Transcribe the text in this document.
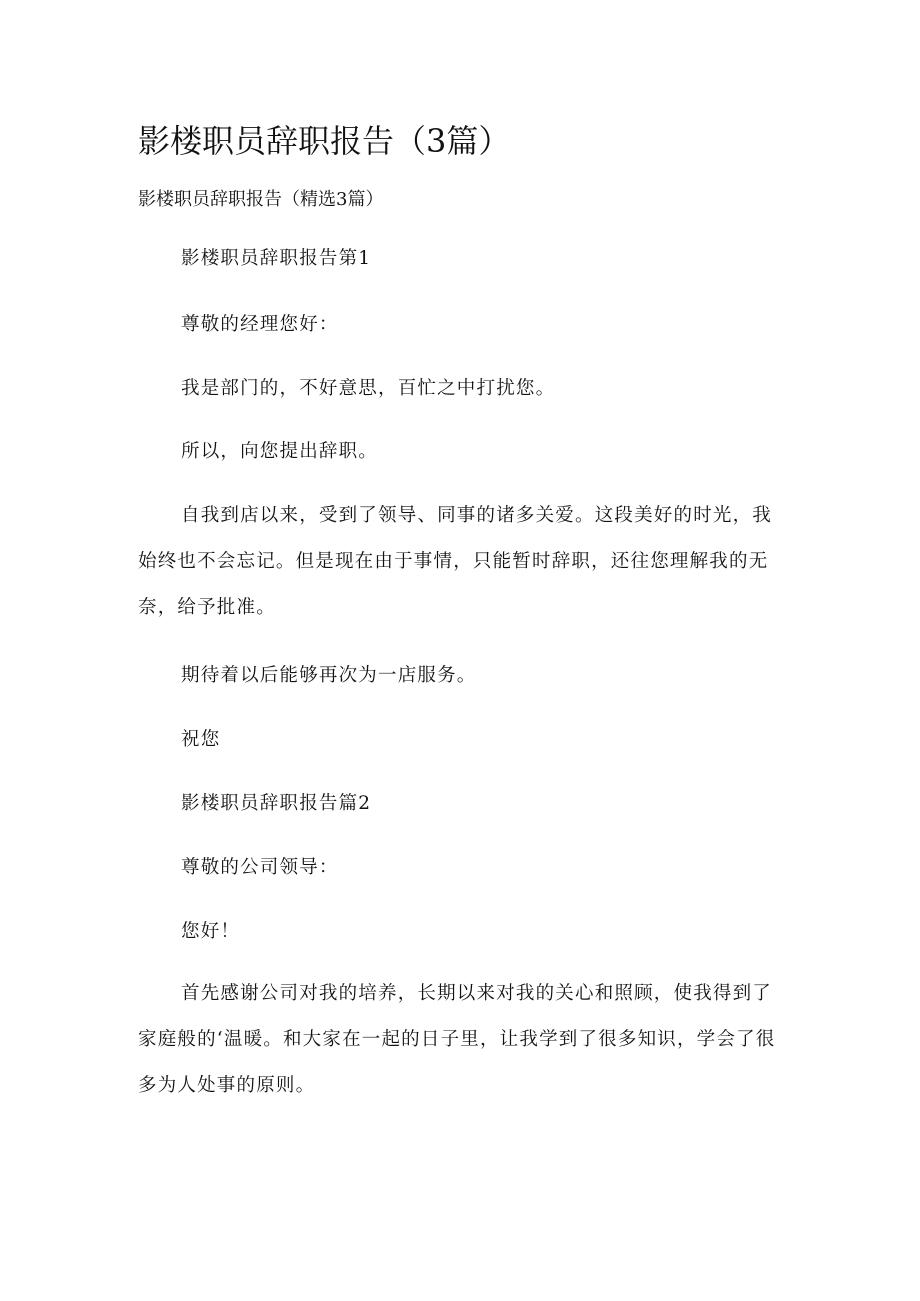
影楼职员辞职报告（3篇）

影楼职员辞职报告（精选3篇）

影楼职员辞职报告第1

尊敬的经理您好：

我是部门的，不好意思，百忙之中打扰您。

所以，向您提出辞职。

自我到店以来，受到了领导、同事的诸多关爱。这段美好的时光，我始终也不会忘记。但是现在由于事情，只能暂时辞职，还往您理解我的无奈，给予批准。

期待着以后能够再次为一店服务。

祝您

影楼职员辞职报告篇2

尊敬的公司领导：

您好！

首先感谢公司对我的培养，长期以来对我的关心和照顾，使我得到了家庭般的‘温暖。和大家在一起的日子里，让我学到了很多知识，学会了很多为人处事的原则。
